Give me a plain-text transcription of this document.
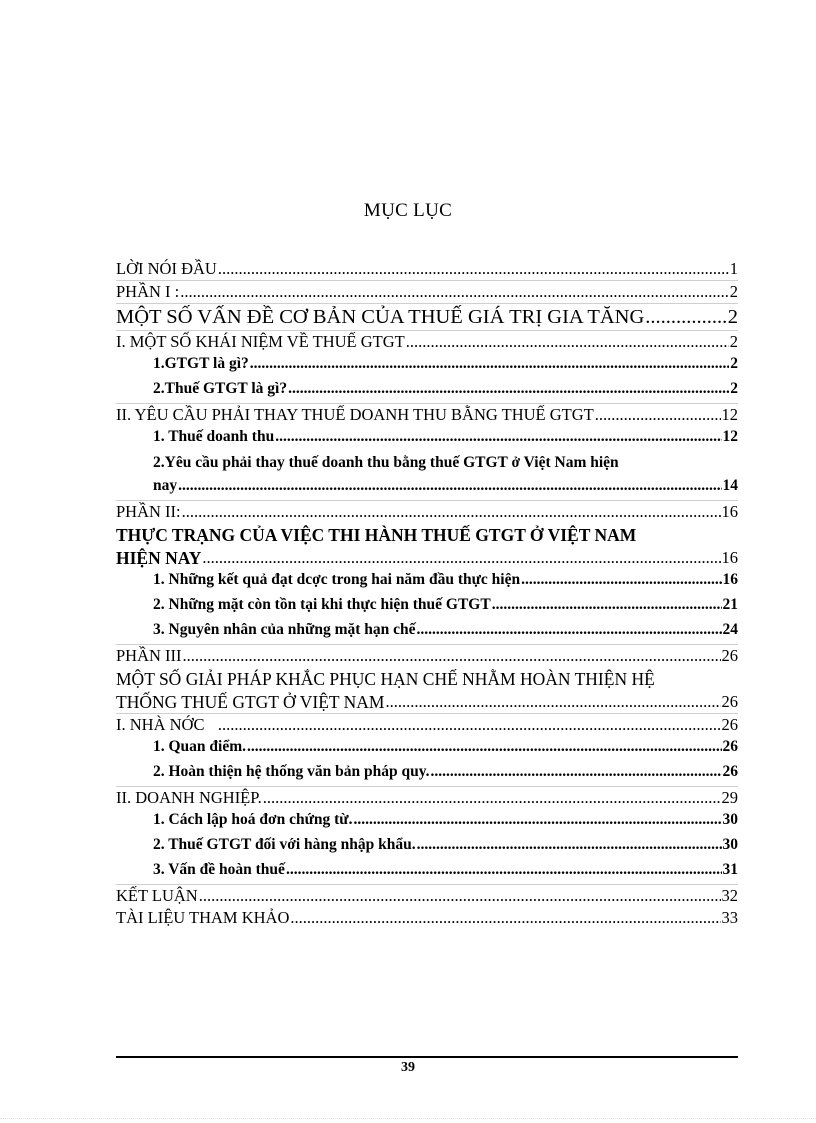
MỤC LỤC
LỜI NÓI ĐẦU .....	1
PHẦN I : .....	2
MỘT SỐ VẤN ĐỀ CƠ BẢN CỦA THUẾ GIÁ TRỊ GIA TĂNG .....	2
I. MỘT SỐ KHÁI NIỆM VỀ THUẾ GTGT .....	2
1.GTGT là gì? .....	2
2.Thuế GTGT là gì? .....	2
II. YÊU CẦU PHẢI THAY THUẾ DOANH THU BẰNG THUẾ GTGT .....	12
1. Thuế doanh thu .....	12
2.Yêu cầu phải thay thuế doanh thu bằng thuế GTGT ở Việt Nam hiện
nay .....	14
PHẦN II: .....	16
THỰC TRẠNG CỦA VIỆC THI HÀNH THUẾ GTGT Ở VIỆT NAM
HIỆN NAY .....	16
1. Những kết quả đạt dcợc trong hai năm đầu thực hiện .....	16
2. Những mặt còn tồn tại khi thực hiện thuế GTGT .....	21
3. Nguyên nhân của những mặt hạn chế .....	24
PHẦN III .....	26
MỘT SỐ GIẢI PHÁP KHẮC PHỤC HẠN CHẾ NHẰM HOÀN THIỆN HỆ
THỐNG THUẾ GTGT Ở VIỆT NAM .....	26
I. NHÀ NỚC .....	26
1. Quan điểm. .....	26
2. Hoàn thiện hệ thống văn bản pháp quy. .....	26
II. DOANH NGHIỆP. .....	29
1. Cách lập hoá đơn chứng từ. .....	30
2. Thuế GTGT đối với hàng nhập khẩu. .....	30
3. Vấn đề hoàn thuế .....	31
KẾT LUẬN .....	32
TÀI LIỆU THAM KHẢO .....	33
39
